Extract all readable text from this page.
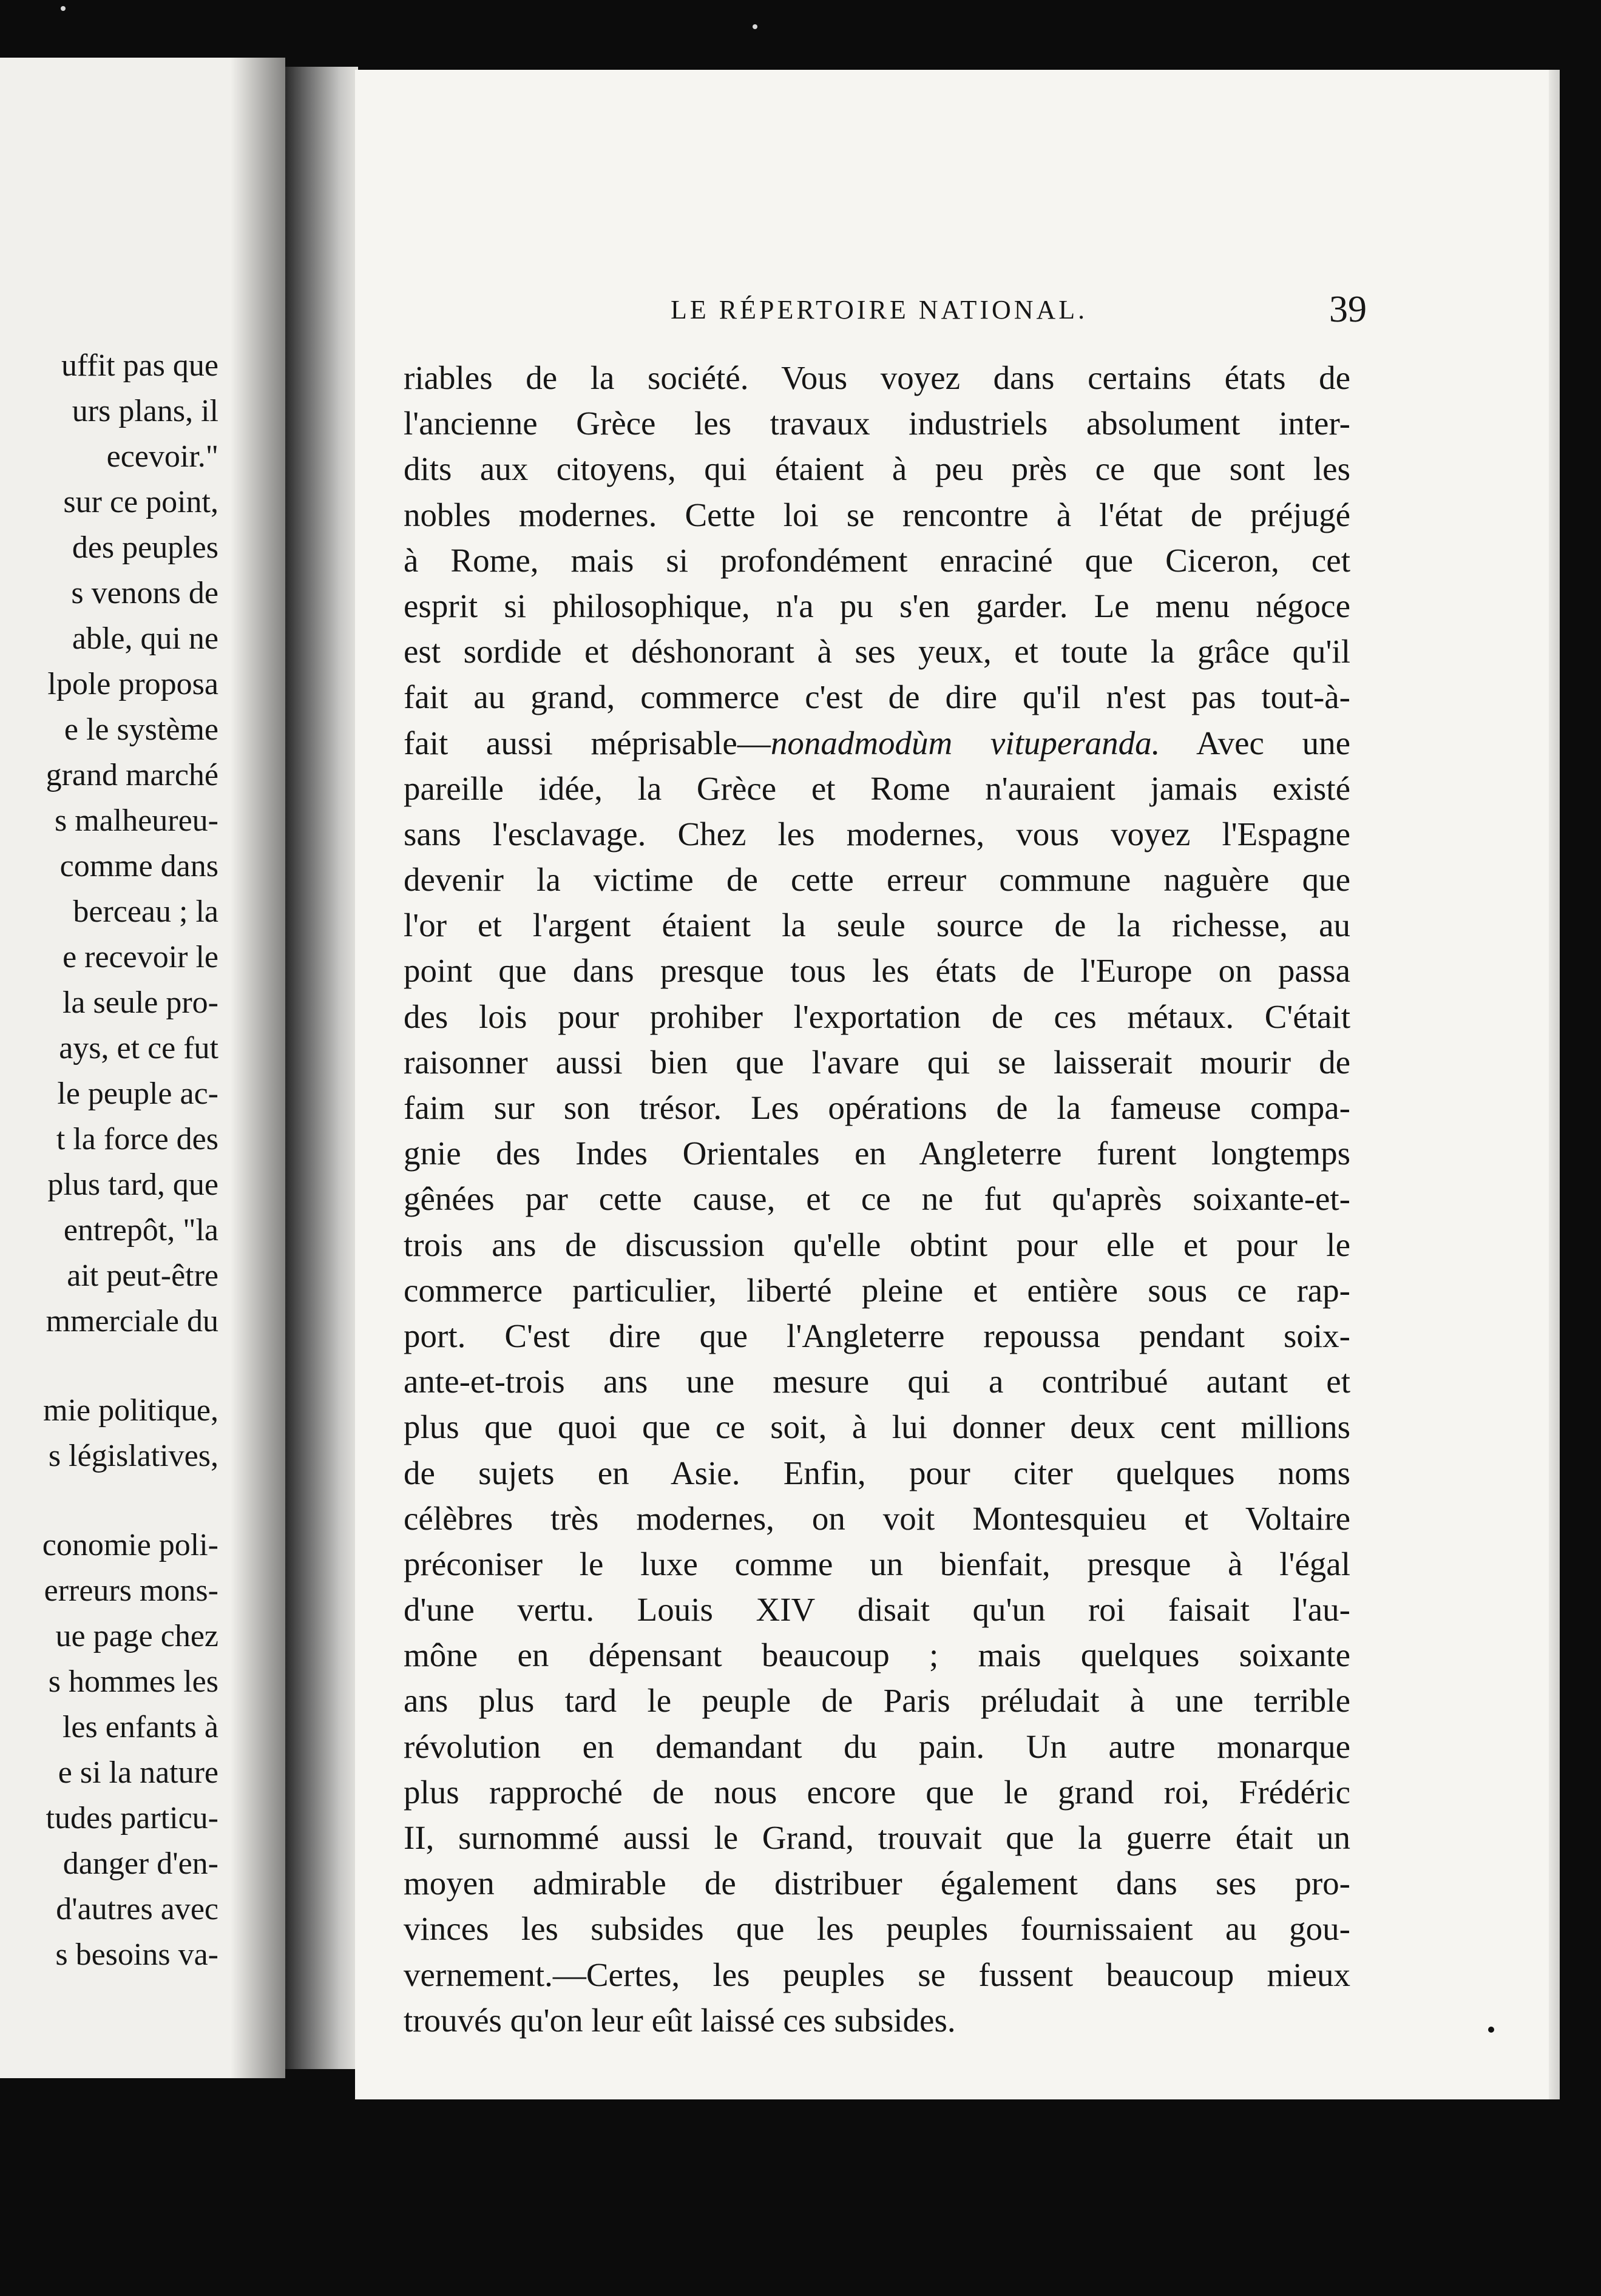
uffit pas que
urs plans, il
ecevoir."
sur ce point,
des peuples
s venons de
able, qui ne
lpole proposa
e le système
grand marché
s malheureu-
comme dans
berceau ; la
e recevoir le
la seule pro-
ays, et ce fut
le peuple ac-
t la force des
plus tard, que
entrepôt, "la
ait peut-être
mmerciale du
mie politique,
s législatives,
conomie poli-
erreurs mons-
ue page chez
s hommes les
les enfants à
e si la nature
tudes particu-
danger d'en-
d'autres avec
s besoins va-
LE RÉPERTOIRE NATIONAL.	39
riables de la société. Vous voyez dans certains états de
l'ancienne Grèce les travaux industriels absolument inter-
dits aux citoyens, qui étaient à peu près ce que sont les
nobles modernes. Cette loi se rencontre à l'état de préjugé
à Rome, mais si profondément enraciné que Ciceron, cet
esprit si philosophique, n'a pu s'en garder. Le menu négoce
est sordide et déshonorant à ses yeux, et toute la grâce qu'il
fait au grand, commerce c'est de dire qu'il n'est pas tout-à-
fait aussi méprisable—nonadmodùm vituperanda. Avec une
pareille idée, la Grèce et Rome n'auraient jamais existé
sans l'esclavage. Chez les modernes, vous voyez l'Espagne
devenir la victime de cette erreur commune naguère que
l'or et l'argent étaient la seule source de la richesse, au
point que dans presque tous les états de l'Europe on passa
des lois pour prohiber l'exportation de ces métaux. C'était
raisonner aussi bien que l'avare qui se laisserait mourir de
faim sur son trésor. Les opérations de la fameuse compa-
gnie des Indes Orientales en Angleterre furent longtemps
gênées par cette cause, et ce ne fut qu'après soixante-et-
trois ans de discussion qu'elle obtint pour elle et pour le
commerce particulier, liberté pleine et entière sous ce rap-
port. C'est dire que l'Angleterre repoussa pendant soix-
ante-et-trois ans une mesure qui a contribué autant et
plus que quoi que ce soit, à lui donner deux cent millions
de sujets en Asie. Enfin, pour citer quelques noms
célèbres très modernes, on voit Montesquieu et Voltaire
préconiser le luxe comme un bienfait, presque à l'égal
d'une vertu. Louis XIV disait qu'un roi faisait l'au-
mône en dépensant beaucoup ; mais quelques soixante
ans plus tard le peuple de Paris préludait à une terrible
révolution en demandant du pain. Un autre monarque
plus rapproché de nous encore que le grand roi, Frédéric
II, surnommé aussi le Grand, trouvait que la guerre était un
moyen admirable de distribuer également dans ses pro-
vinces les subsides que les peuples fournissaient au gou-
vernement.—Certes, les peuples se fussent beaucoup mieux
trouvés qu'on leur eût laissé ces subsides.
